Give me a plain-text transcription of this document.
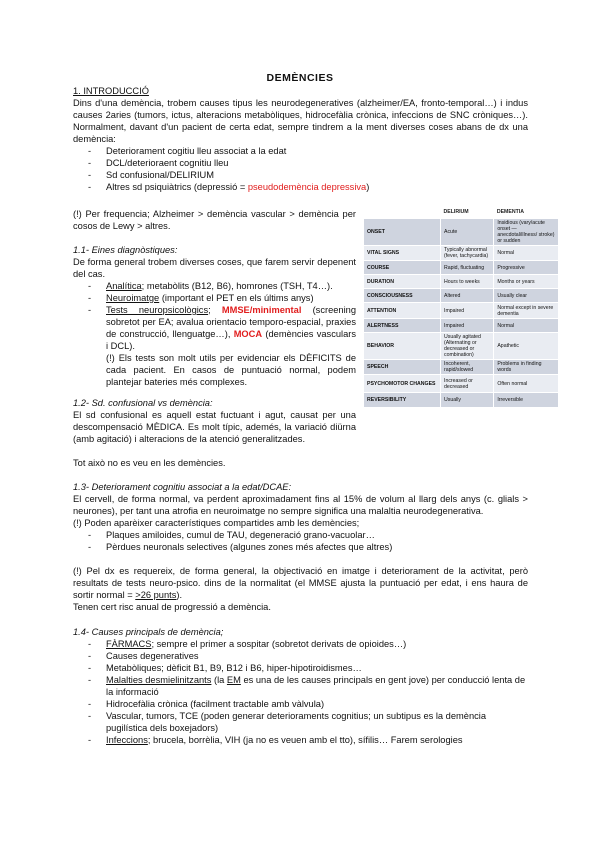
DEMÈNCIES
1. INTRODUCCIÓ

Dins d'una demència, trobem causes tipus les neurodegeneratives (alzheimer/EA, fronto-temporal…) i indus causes 2aries (tumors, ictus, alteracions metabòliques, hidrocefàlia crònica, infeccions de SNC cròniques…). Normalment, davant d'un pacient de certa edat, sempre tindrem a la ment diverses coses abans de dx una demència:

- Deteriorament cogitiu lleu associat a la edat
- DCL/deterioraent cognitiu lleu
- Sd confusional/DELIRIUM
- Altres sd psiquiàtrics (depressió = pseudodemència depressiva)

(!) Per frequencia; Alzheimer > demència vascular > demència per cosos de Lewy > altres.

1.1- Eines diagnòstiques:

De forma general trobem diverses coses, que farem servir depenent del cas.

- Analítica; metabòlits (B12, B6), homrones (TSH, T4…).
- Neuroimatge (important el PET en els últims anys)
- Tests neuropsicològics; MMSE/minimental (screening sobretot per EA; avalua orientacio temporo-espacial, praxies de construcció, llenguatge…), MOCA (demències vasculars i DCL).

(!) Els tests son molt utils per evidenciar els DÈFICITS de cada pacient. En casos de puntuació normal, podem plantejar bateries més complexes.

1.2- Sd. confusional vs demència:

El sd confusional es aquell estat fuctuant i agut, causat per una descompensació MÈDICA. Es molt típic, ademés, la variació diürna (amb agitació) i alteracions de la atenció generalitzades.

Tot això no es veu en les demències.

	DELIRIUM	DEMENTIA
ONSET	Acute	Insidious (vary/acute onset — anecdotal/illness/ stroke) or sudden
VITAL SIGNS	Typically abnormal (fever, tachycardia)	Normal
COURSE	Rapid, fluctuating	Progressive
DURATION	Hours to weeks	Months or years
CONSCIOUSNESS	Altered	Usually clear
ATTENTION	Impaired	Normal except in severe dementia
ALERTNESS	Impaired	Normal
BEHAVIOR	Usually agitated (Alternating or decreased or combination)	Apathetic
SPEECH	Incoherent, rapid/slowed	Problems in finding words
PSYCHOMOTOR CHANGES	Increased or decreased	Often normal
REVERSIBILITY	Usually	Irreversible
1.3- Deteriorament cognitiu associat a la edat/DCAE:

El cervell, de forma normal, va perdent aproximadament fins al 15% de volum al llarg dels anys (c. glials > neurones), per tant una atrofia en neuroimatge no sempre significa una malaltia neurodegenerativa.

(!) Poden aparèixer característiques compartides amb les demències;

- Plaques amiloides, cumul de TAU, degeneració grano-vacuolar…
- Pèrdues neuronals selectives (algunes zones més afectes que altres)

(!) Pel dx es requereix, de forma general, la objectivació en imatge i deteriorament de la activitat, però resultats de tests neuro-psico. dins de la normalitat (el MMSE ajusta la puntuació per edat, i ens haura de sortir normal = >26 punts).

Tenen cert risc anual de progressió a demència.

1.4- Causes principals de demència;
- FÀRMACS; sempre el primer a sospitar (sobretot derivats de opioides…)
- Causes degeneratives
- Metabòliques; dèficit B1, B9, B12 i B6, hiper-hipotiroidismes…
- Malalties desmielinitzants (la EM es una de les causes principals en gent jove) per conducció lenta de la informació
- Hidrocefàlia crònica (facilment tractable amb vàlvula)
- Vascular, tumors, TCE (poden generar deterioraments cognitius; un subtipus es la demència pugilística dels boxejadors)
- Infeccions; brucela, borrèlia, VIH (ja no es veuen amb el tto), sífilis… Farem serologies
